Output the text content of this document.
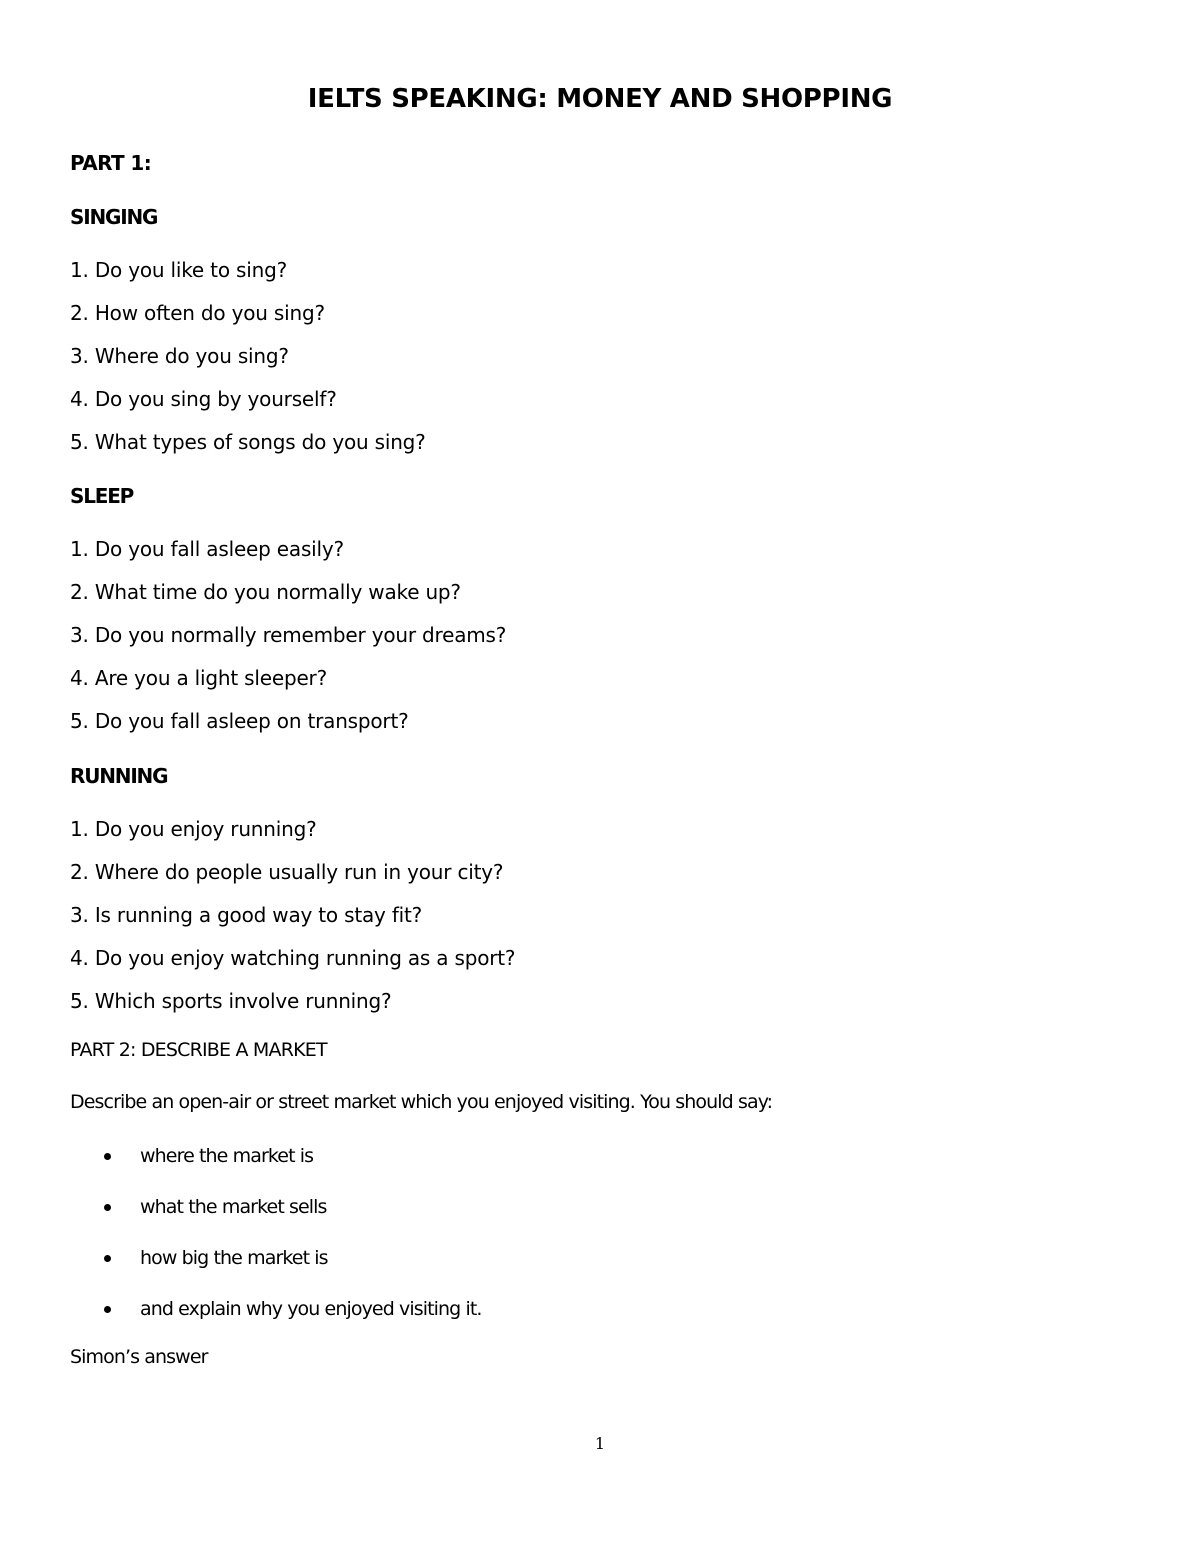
IELTS SPEAKING: MONEY AND SHOPPING
PART 1:
SINGING
1. Do you like to sing?
2. How often do you sing?
3. Where do you sing?
4. Do you sing by yourself?
5. What types of songs do you sing?
SLEEP
1. Do you fall asleep easily?
2. What time do you normally wake up?
3. Do you normally remember your dreams?
4. Are you a light sleeper?
5. Do you fall asleep on transport?
RUNNING
1. Do you enjoy running?
2. Where do people usually run in your city?
3. Is running a good way to stay fit?
4. Do you enjoy watching running as a sport?
5. Which sports involve running?
PART 2: DESCRIBE A MARKET
Describe an open-air or street market which you enjoyed visiting. You should say:
where the market is
what the market sells
how big the market is
and explain why you enjoyed visiting it.
Simon’s answer
1
